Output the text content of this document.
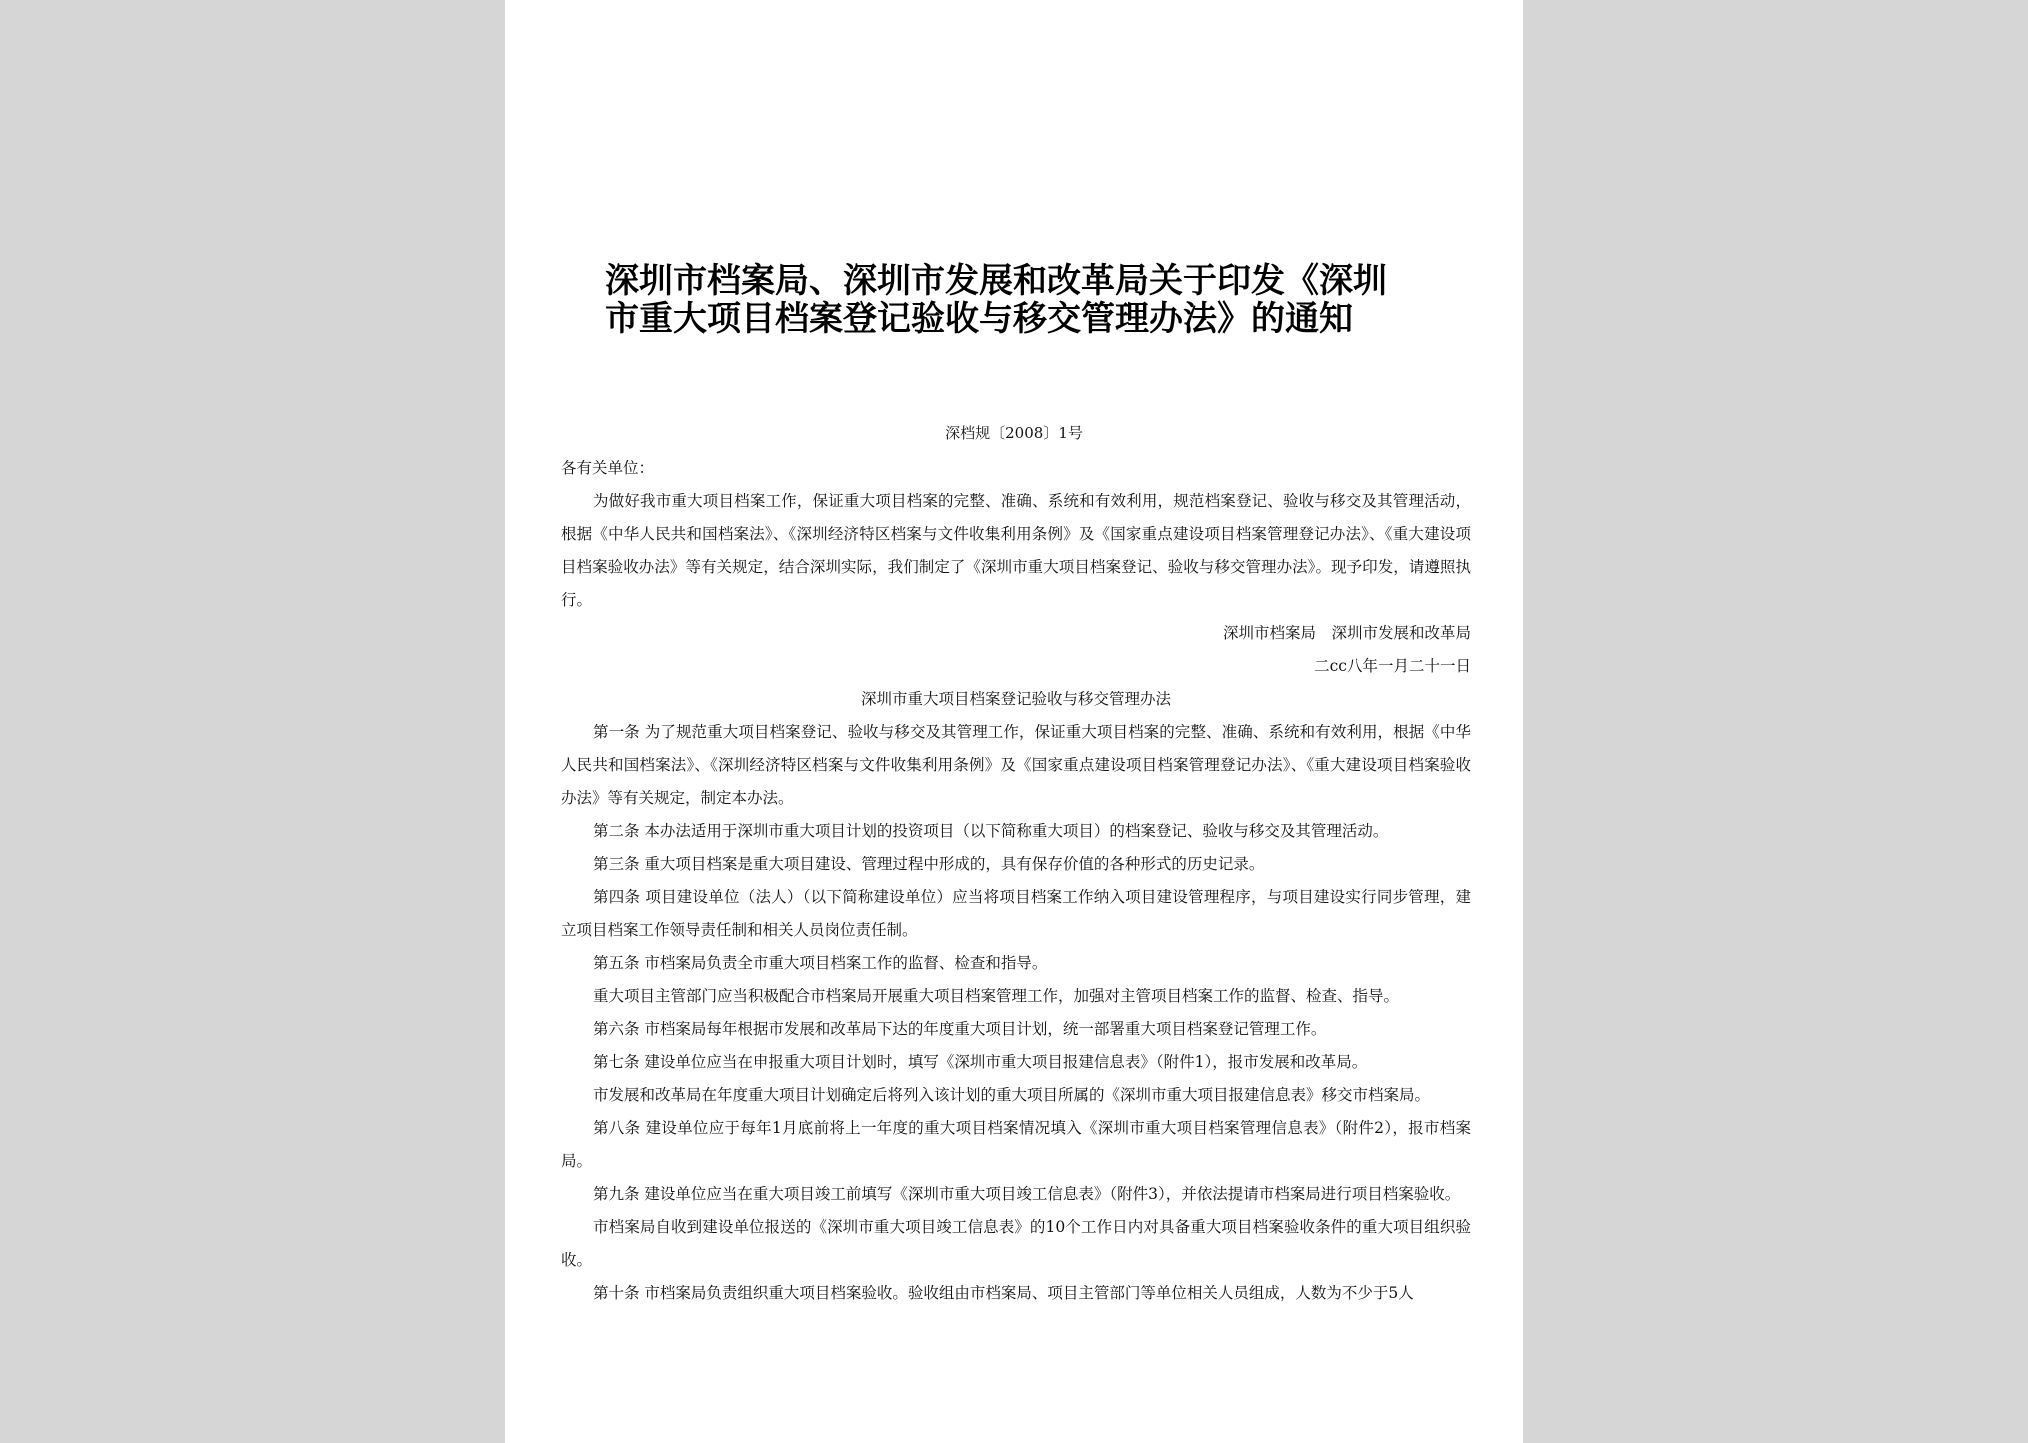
深圳市档案局、深圳市发展和改革局关于印发《深圳
市重大项目档案登记验收与移交管理办法》的通知
深档规〔2008〕1号

各有关单位：

为做好我市重大项目档案工作，保证重大项目档案的完整、准确、系统和有效利用，规范档案登记、验收与移交及其管理活动，根据《中华人民共和国档案法》、《深圳经济特区档案与文件收集利用条例》及《国家重点建设项目档案管理登记办法》、《重大建设项目档案验收办法》等有关规定，结合深圳实际，我们制定了《深圳市重大项目档案登记、验收与移交管理办法》。现予印发，请遵照执行。

深圳市档案局　深圳市发展和改革局

二cc八年一月二十一日

深圳市重大项目档案登记验收与移交管理办法

第一条 为了规范重大项目档案登记、验收与移交及其管理工作，保证重大项目档案的完整、准确、系统和有效利用，根据《中华人民共和国档案法》、《深圳经济特区档案与文件收集利用条例》及《国家重点建设项目档案管理登记办法》、《重大建设项目档案验收办法》等有关规定，制定本办法。

第二条 本办法适用于深圳市重大项目计划的投资项目（以下简称重大项目）的档案登记、验收与移交及其管理活动。

第三条 重大项目档案是重大项目建设、管理过程中形成的，具有保存价值的各种形式的历史记录。

第四条 项目建设单位（法人）（以下简称建设单位）应当将项目档案工作纳入项目建设管理程序，与项目建设实行同步管理，建立项目档案工作领导责任制和相关人员岗位责任制。

第五条 市档案局负责全市重大项目档案工作的监督、检查和指导。

重大项目主管部门应当积极配合市档案局开展重大项目档案管理工作，加强对主管项目档案工作的监督、检查、指导。

第六条 市档案局每年根据市发展和改革局下达的年度重大项目计划，统一部署重大项目档案登记管理工作。

第七条 建设单位应当在申报重大项目计划时，填写《深圳市重大项目报建信息表》（附件1），报市发展和改革局。

市发展和改革局在年度重大项目计划确定后将列入该计划的重大项目所属的《深圳市重大项目报建信息表》移交市档案局。

第八条 建设单位应于每年1月底前将上一年度的重大项目档案情况填入《深圳市重大项目档案管理信息表》（附件2），报市档案局。

第九条 建设单位应当在重大项目竣工前填写《深圳市重大项目竣工信息表》（附件3），并依法提请市档案局进行项目档案验收。

市档案局自收到建设单位报送的《深圳市重大项目竣工信息表》的10个工作日内对具备重大项目档案验收条件的重大项目组织验收。

第十条 市档案局负责组织重大项目档案验收。验收组由市档案局、项目主管部门等单位相关人员组成，人数为不少于5人
